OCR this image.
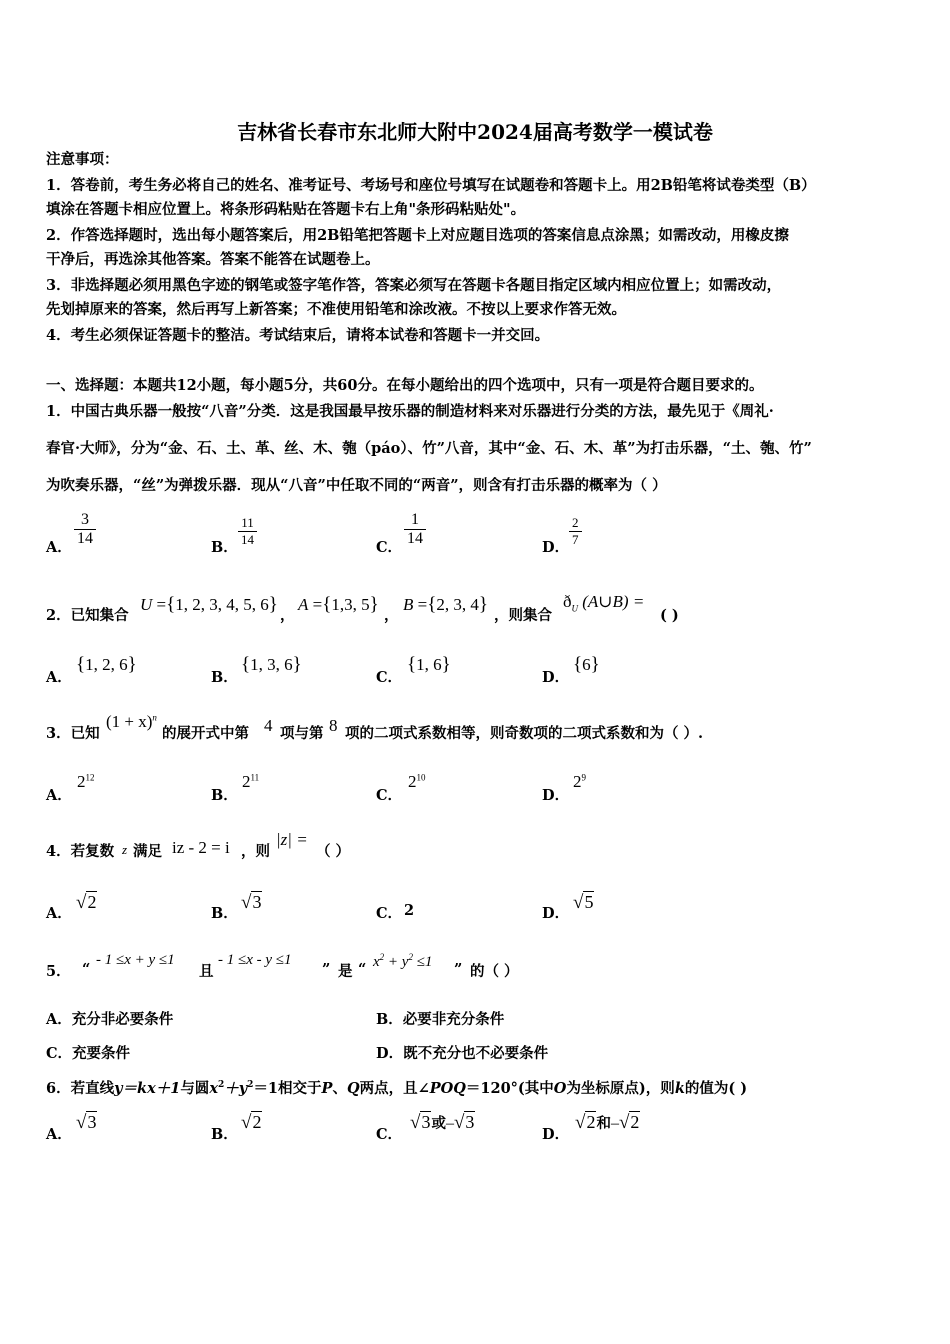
吉林省长春市东北师大附中2024届高考数学一模试卷
注意事项：
1．答卷前，考生务必将自己的姓名、准考证号、考场号和座位号填写在试题卷和答题卡上。用2B铅笔将试卷类型（B）
填涂在答题卡相应位置上。将条形码粘贴在答题卡右上角"条形码粘贴处"。
2．作答选择题时，选出每小题答案后，用2B铅笔把答题卡上对应题目选项的答案信息点涂黑；如需改动，用橡皮擦
干净后，再选涂其他答案。答案不能答在试题卷上。
3．非选择题必须用黑色字迹的钢笔或签字笔作答，答案必须写在答题卡各题目指定区域内相应位置上；如需改动，
先划掉原来的答案，然后再写上新答案；不准使用铅笔和涂改液。不按以上要求作答无效。
4．考生必须保证答题卡的整洁。考试结束后，请将本试卷和答题卡一并交回。
一、选择题：本题共12小题，每小题5分，共60分。在每小题给出的四个选项中，只有一项是符合题目要求的。
1．中国古典乐器一般按“八音”分类．这是我国最早按乐器的制造材料来对乐器进行分类的方法，最先见于《周礼·
春官·大师》，分为“金、石、土、革、丝、木、匏（páo）、竹”八音，其中“金、石、木、革”为打击乐器，“土、匏、竹”
为吹奏乐器，“丝”为弹拨乐器．现从“八音”中任取不同的“两音”，则含有打击乐器的概率为（ ）
A．
3
14
B．
11
14	C．
1
14
D．
2
7
2．已知集合
U ={1, 2, 3, 4, 5, 6}
，
A ={1,3, 5}
，
B ={2, 3, 4}
，则集合
$ð_U$ (A∪B) =
( )
A．
{1, 2, 6}
B．
{1, 3, 6}
C．
{1, 6}
D．
{6}
3．已知
$(1 + x)^n$
的展开式中第 4 项与第 8 项的二项式系数相等，则奇数项的二项式系数和为（ ）.
A．
$2^{12}$
B．
$2^{11}$
C．
$2^{10}$
D．
$2^9$
4．若复数 z 满足 iz - 2 = i ，则
|z| =
（ ）
A．
√2
B．
√3
C． 2	D．
√5
5． “
- 1 ≤x + y ≤1
且
- 1 ≤x - y ≤1
” 是 “ $x^2 + y^2 \le 1$ ” 的（ ）
A．充分非必要条件	B．必要非充分条件
C．充要条件	D．既不充分也不必要条件
6．若直线y＝kx＋1与圆$x^2+y^2=1$相交于P、Q两点，且∠POQ＝120°(其中O为坐标原点)，则k的值为( )
A．
√3
B．
√2
C．
√3或–√3
D．
√2和–√2
